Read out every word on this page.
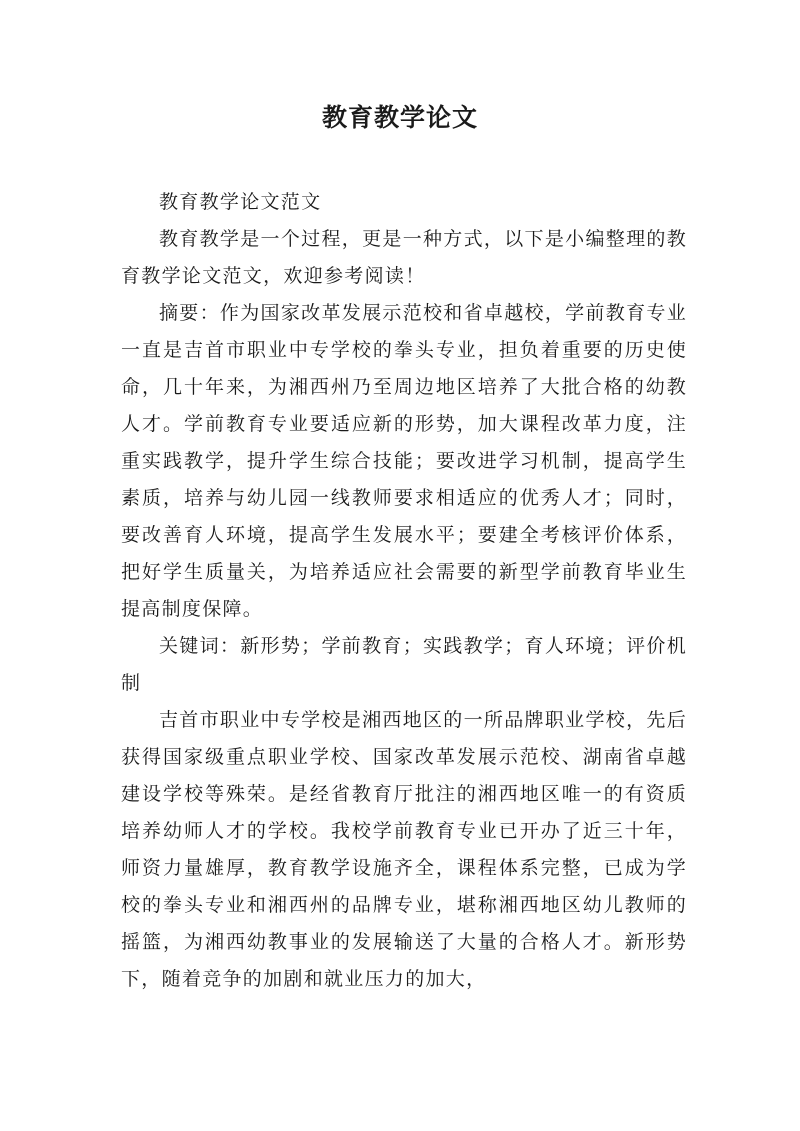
教育教学论文

教育教学论文范文

教育教学是一个过程，更是一种方式，以下是小编整理的教育教学论文范文，欢迎参考阅读！

摘要：作为国家改革发展示范校和省卓越校，学前教育专业一直是吉首市职业中专学校的拳头专业，担负着重要的历史使命，几十年来，为湘西州乃至周边地区培养了大批合格的幼教人才。学前教育专业要适应新的形势，加大课程改革力度，注重实践教学，提升学生综合技能；要改进学习机制，提高学生素质，培养与幼儿园一线教师要求相适应的优秀人才；同时，要改善育人环境，提高学生发展水平；要建全考核评价体系，把好学生质量关，为培养适应社会需要的新型学前教育毕业生提高制度保障。

关键词：新形势；学前教育；实践教学；育人环境；评价机制

吉首市职业中专学校是湘西地区的一所品牌职业学校，先后获得国家级重点职业学校、国家改革发展示范校、湖南省卓越建设学校等殊荣。是经省教育厅批注的湘西地区唯一的有资质培养幼师人才的学校。我校学前教育专业已开办了近三十年，师资力量雄厚，教育教学设施齐全，课程体系完整，已成为学校的拳头专业和湘西州的品牌专业，堪称湘西地区幼儿教师的摇篮，为湘西幼教事业的发展输送了大量的合格人才。新形势下，随着竞争的加剧和就业压力的加大，
